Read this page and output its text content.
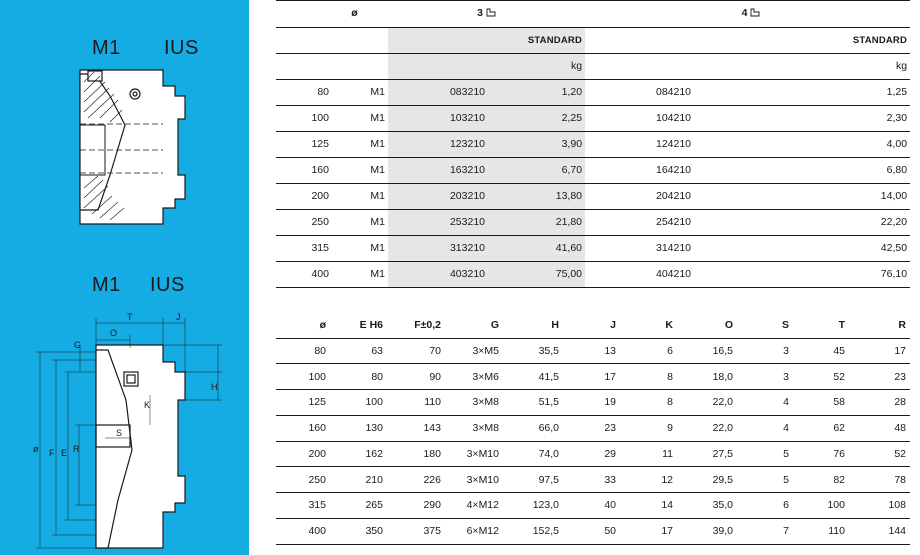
M1 IUS
M1 IUS
T	J
O
G
H
K
S
ø F E R
ø		3		4		
			STANDARD			STANDARD
			kg			kg
80	M1	083210	1,20	084210		1,25
100	M1	103210	2,25	104210		2,30
125	M1	123210	3,90	124210		4,00
160	M1	163210	6,70	164210		6,80
200	M1	203210	13,80	204210		14,00
250	M1	253210	21,80	254210		22,20
315	M1	313210	41,60	314210		42,50
400	M1	403210	75,00	404210		76,10
ø	E H6	F±0,2	G	H	J	K	O	S	T	R
80	63	70	3×M5	35,5	13	6	16,5	3	45	17
100	80	90	3×M6	41,5	17	8	18,0	3	52	23
125	100	110	3×M8	51,5	19	8	22,0	4	58	28
160	130	143	3×M8	66,0	23	9	22,0	4	62	48
200	162	180	3×M10	74,0	29	11	27,5	5	76	52
250	210	226	3×M10	97,5	33	12	29,5	5	82	78
315	265	290	4×M12	123,0	40	14	35,0	6	100	108
400	350	375	6×M12	152,5	50	17	39,0	7	110	144
